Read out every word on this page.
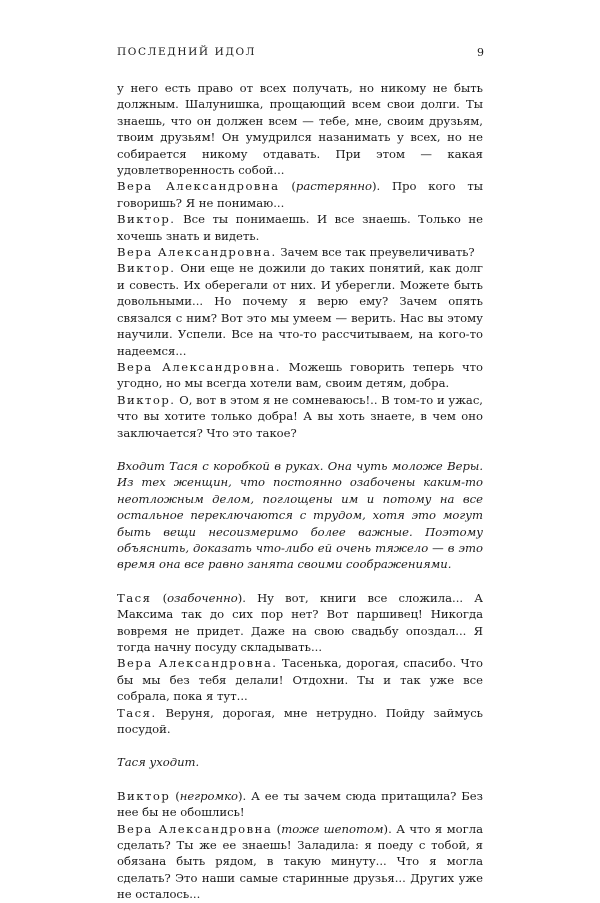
ПОСЛЕДНИЙ ИДОЛ	9

у него есть право от всех получать, но никому не быть должным. Шалунишка, прощающий всем свои долги. Ты знаешь, что он должен всем — тебе, мне, своим друзьям, твоим друзьям! Он умудрился назанимать у всех, но не собирается никому отдавать. При этом — какая удовлетворенность собой...

Вера Александровна (растерянно). Про кого ты говоришь? Я не понимаю...

Виктор. Все ты понимаешь. И все знаешь. Только не хочешь знать и видеть.

Вера Александровна. Зачем все так преувеличивать?

Виктор. Они еще не дожили до таких понятий, как долг и совесть. Их оберегали от них. И уберегли. Можете быть довольными... Но почему я верю ему? Зачем опять связался с ним? Вот это мы умеем — верить. Нас вы этому научили. Успели. Все на что-то рассчитываем, на кого-то надеемся...

Вера Александровна. Можешь говорить теперь что угодно, но мы всегда хотели вам, своим детям, добра.

Виктор. О, вот в этом я не сомневаюсь!.. В том-то и ужас, что вы хотите только добра! А вы хоть знаете, в чем оно заключается? Что это такое?

Входит Тася с коробкой в руках. Она чуть моложе Веры. Из тех женщин, что постоянно озабочены каким-то неотложным делом, поглощены им и потому на все остальное переключаются с трудом, хотя это могут быть вещи несоизмеримо более важные. Поэтому объяснить, доказать что-либо ей очень тяжело — в это время она все равно занята своими соображениями.

Тася (озабоченно). Ну вот, книги все сложила... А Максима так до сих пор нет? Вот паршивец! Никогда вовремя не придет. Даже на свою свадьбу опоздал... Я тогда начну посуду складывать...

Вера Александровна. Тасенька, дорогая, спасибо. Что бы мы без тебя делали! Отдохни. Ты и так уже все собрала, пока я тут...

Тася. Веруня, дорогая, мне нетрудно. Пойду займусь посудой.

Тася уходит.

Виктор (негромко). А ее ты зачем сюда притащила? Без нее бы не обошлись!

Вера Александровна (тоже шепотом). А что я могла сделать? Ты же ее знаешь! Заладила: я поеду с тобой, я обязана быть рядом, в такую минуту... Что я могла сделать? Это наши самые старинные друзья... Других уже не осталось...
